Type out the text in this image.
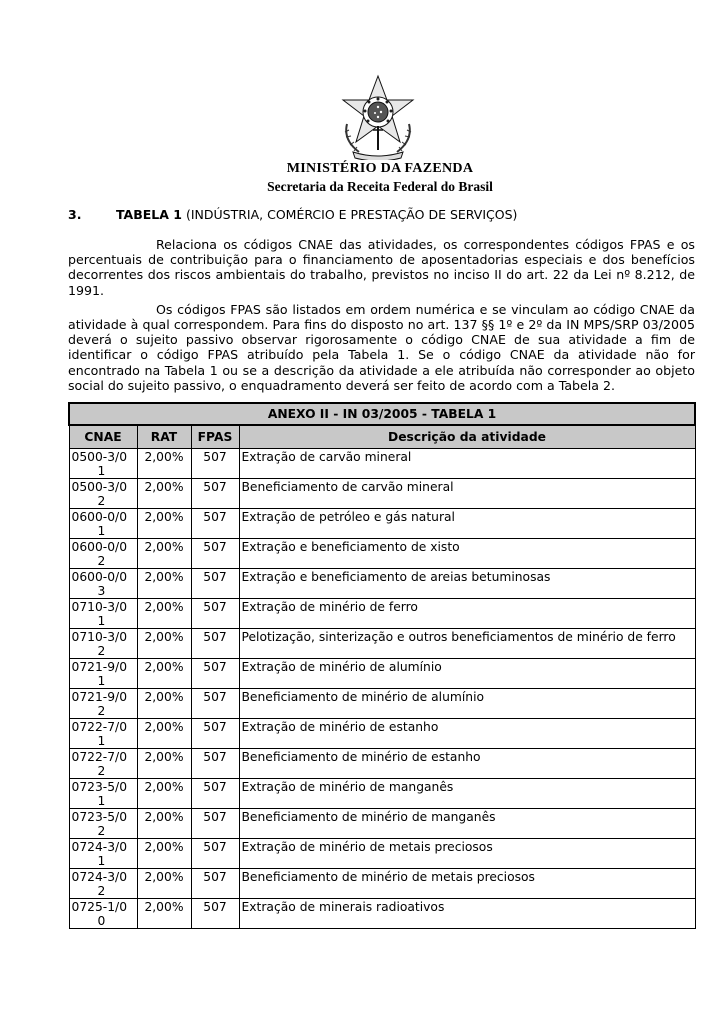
MINISTÉRIO DA FAZENDA
Secretaria da Receita Federal do Brasil
3.	TABELA 1 (INDÚSTRIA, COMÉRCIO E PRESTAÇÃO DE SERVIÇOS)

Relaciona os códigos CNAE das atividades, os correspondentes códigos FPAS e os percentuais de contribuição para o financiamento de aposentadorias especiais e dos benefícios decorrentes dos riscos ambientais do trabalho, previstos no inciso II do art. 22 da Lei nº 8.212, de 1991.

Os códigos FPAS são listados em ordem numérica e se vinculam ao código CNAE da atividade à qual correspondem. Para fins do disposto no art. 137 §§ 1º e 2º da IN MPS/SRP 03/2005 deverá o sujeito passivo observar rigorosamente o código CNAE de sua atividade a fim de identificar o código FPAS atribuído pela Tabela 1. Se o código CNAE da atividade não for encontrado na Tabela 1 ou se a descrição da atividade a ele atribuída não corresponder ao objeto social do sujeito passivo, o enquadramento deverá ser feito de acordo com a Tabela 2.

ANEXO II - IN 03/2005 - TABELA 1			
CNAE	RAT	FPAS	Descrição da atividade

0500-3/0
1	2,00%	507	Extração de carvão mineral

0500-3/0
2	2,00%	507	Beneficiamento de carvão mineral

0600-0/0
1	2,00%	507	Extração de petróleo e gás natural

0600-0/0
2	2,00%	507	Extração e beneficiamento de xisto

0600-0/0
3	2,00%	507	Extração e beneficiamento de areias betuminosas

0710-3/0
1	2,00%	507	Extração de minério de ferro

0710-3/0
2	2,00%	507	Pelotização, sinterização e outros beneficiamentos de minério de ferro

0721-9/0
1	2,00%	507	Extração de minério de alumínio

0721-9/0
2	2,00%	507	Beneficiamento de minério de alumínio

0722-7/0
1	2,00%	507	Extração de minério de estanho

0722-7/0
2	2,00%	507	Beneficiamento de minério de estanho

0723-5/0
1	2,00%	507	Extração de minério de manganês

0723-5/0
2	2,00%	507	Beneficiamento de minério de manganês

0724-3/0
1	2,00%	507	Extração de minério de metais preciosos

0724-3/0
2	2,00%	507	Beneficiamento de minério de metais preciosos

0725-1/0
0	2,00%	507	Extração de minerais radioativos
